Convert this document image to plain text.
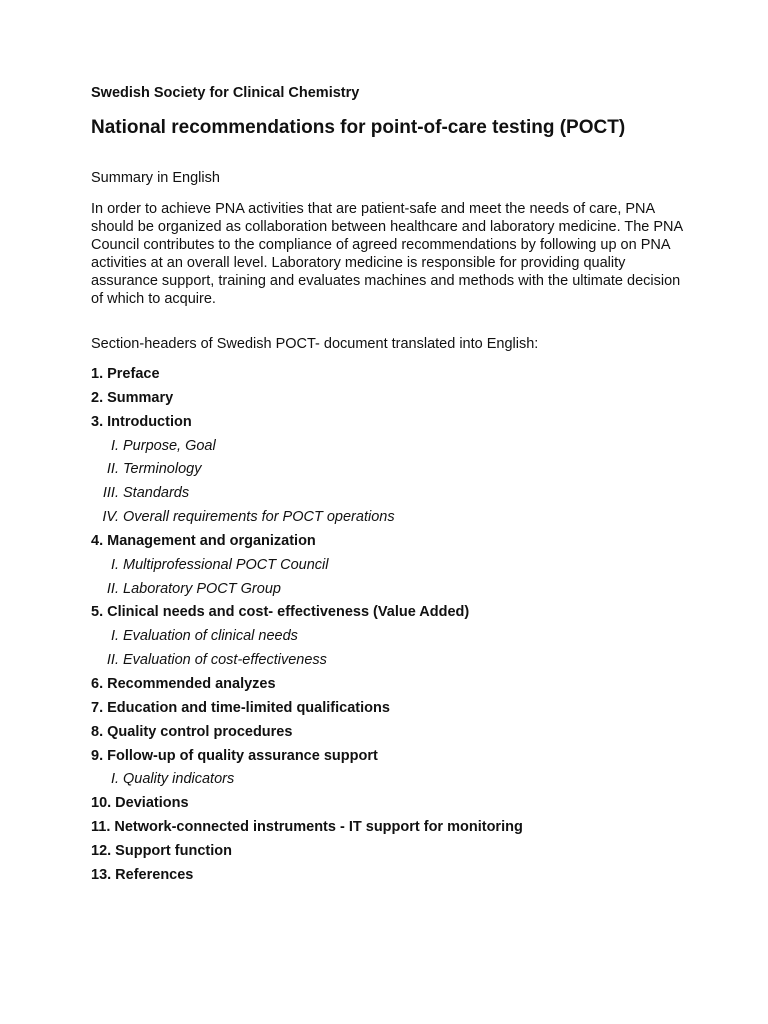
Swedish Society for Clinical Chemistry
National recommendations for point-of-care testing (POCT)
Summary in English
In order to achieve PNA activities that are patient-safe and meet the needs of care, PNA
should be organized as collaboration between healthcare and laboratory medicine. The PNA
Council contributes to the compliance of agreed recommendations by following up on PNA
activities at an overall level. Laboratory medicine is responsible for providing quality
assurance support, training and evaluates machines and methods with the ultimate decision
of which to acquire.
Section-headers of Swedish POCT- document translated into English:
1. Preface
2. Summary
3. Introduction
I. Purpose, Goal
II. Terminology
III. Standards
IV. Overall requirements for POCT operations
4. Management and organization
I. Multiprofessional POCT Council
II. Laboratory POCT Group
5. Clinical needs and cost- effectiveness (Value Added)
I. Evaluation of clinical needs
II. Evaluation of cost-effectiveness
6. Recommended analyzes
7. Education and time-limited qualifications
8. Quality control procedures
9. Follow-up of quality assurance support
I. Quality indicators
10. Deviations
11. Network-connected instruments - IT support for monitoring
12. Support function
13. References
